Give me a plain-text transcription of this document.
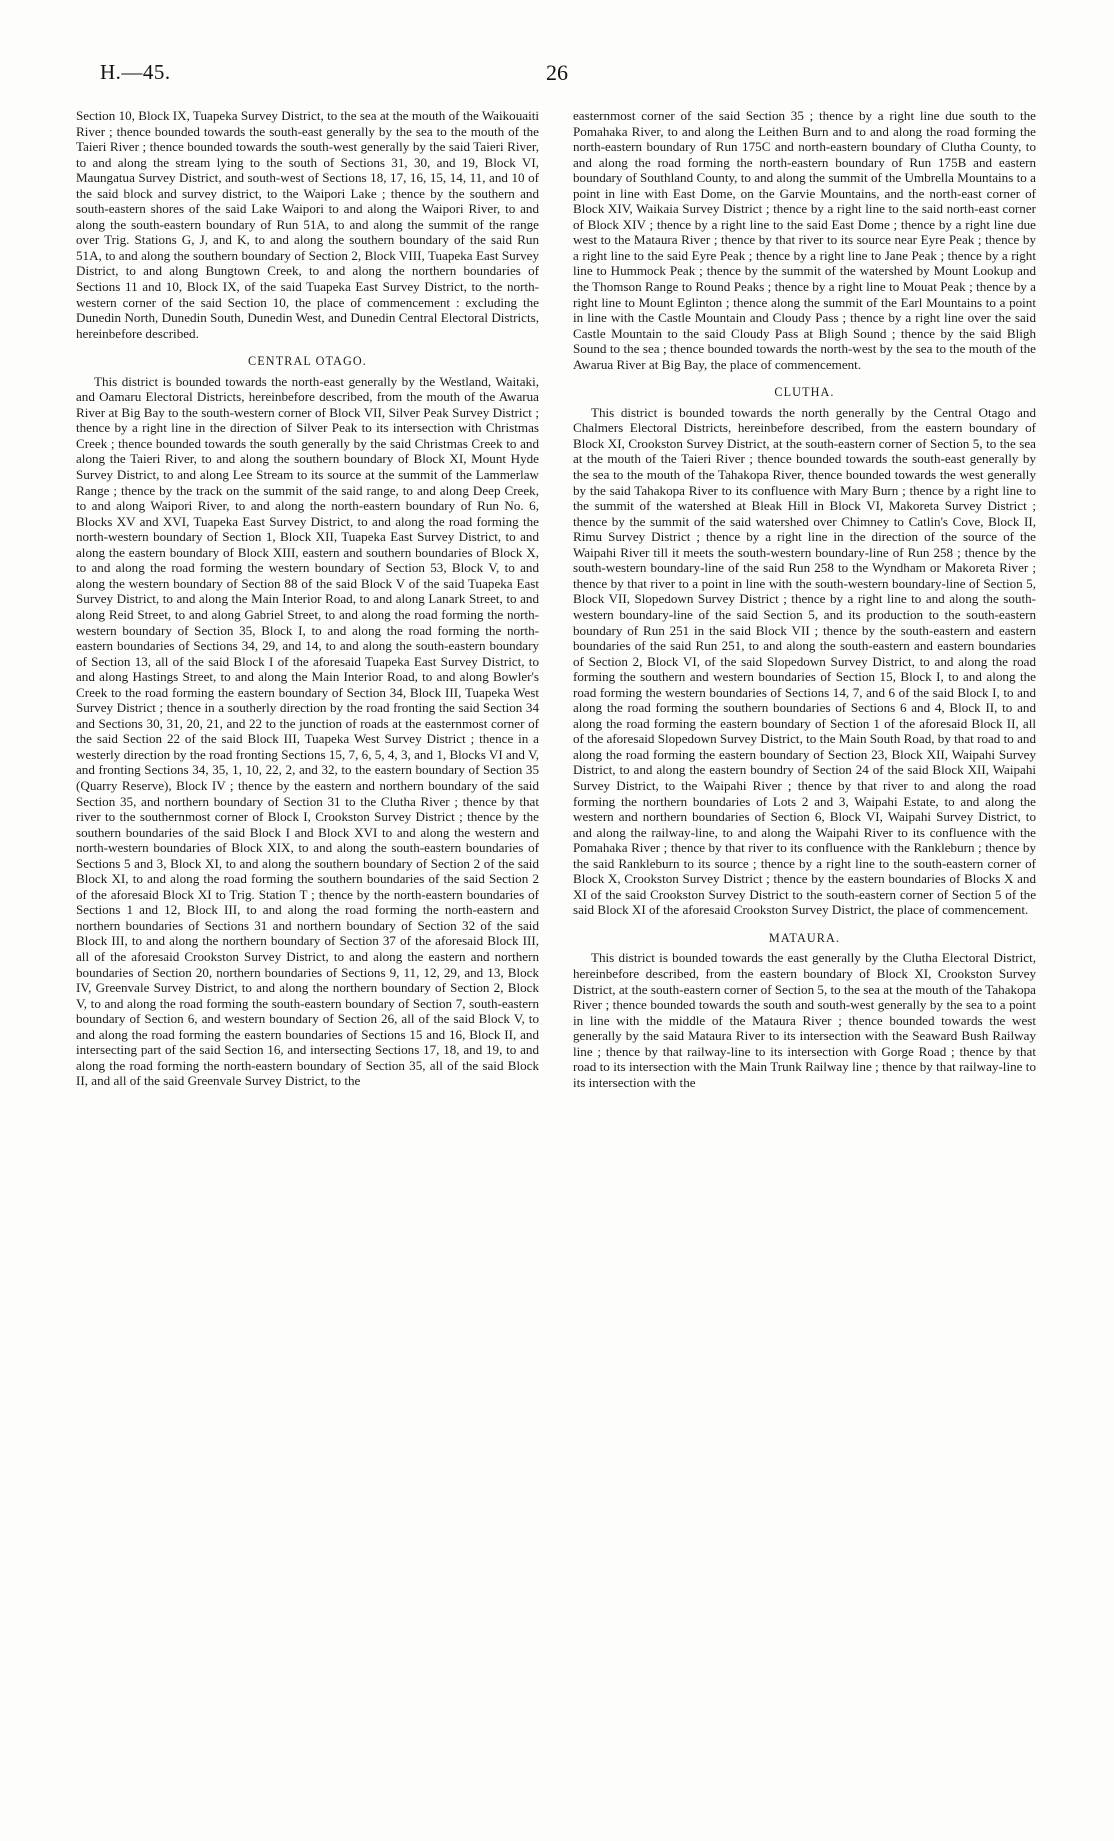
H.—45.	26

Section 10, Block IX, Tuapeka Survey District, to the sea at the mouth of the Waikouaiti River ; thence bounded towards the south-east generally by the sea to the mouth of the Taieri River ; thence bounded towards the south-west generally by the said Taieri River, to and along the stream lying to the south of Sections 31, 30, and 19, Block VI, Maungatua Survey District, and south-west of Sections 18, 17, 16, 15, 14, 11, and 10 of the said block and survey district, to the Waipori Lake ; thence by the southern and south-eastern shores of the said Lake Waipori to and along the Waipori River, to and along the south-eastern boundary of Run 51A, to and along the summit of the range over Trig. Stations G, J, and K, to and along the southern boundary of the said Run 51A, to and along the southern boundary of Section 2, Block VIII, Tuapeka East Survey District, to and along Bungtown Creek, to and along the northern boundaries of Sections 11 and 10, Block IX, of the said Tuapeka East Survey District, to the north-western corner of the said Section 10, the place of commencement : excluding the Dunedin North, Dunedin South, Dunedin West, and Dunedin Central Electoral Districts, hereinbefore described.

CENTRAL OTAGO.

This district is bounded towards the north-east generally by the Westland, Waitaki, and Oamaru Electoral Districts, hereinbefore described, from the mouth of the Awarua River at Big Bay to the south-western corner of Block VII, Silver Peak Survey District ; thence by a right line in the direction of Silver Peak to its intersection with Christmas Creek ; thence bounded towards the south generally by the said Christmas Creek to and along the Taieri River, to and along the southern boundary of Block XI, Mount Hyde Survey District, to and along Lee Stream to its source at the summit of the Lammerlaw Range ; thence by the track on the summit of the said range, to and along Deep Creek, to and along Waipori River, to and along the north-eastern boundary of Run No. 6, Blocks XV and XVI, Tuapeka East Survey District, to and along the road forming the north-western boundary of Section 1, Block XII, Tuapeka East Survey District, to and along the eastern boundary of Block XIII, eastern and southern boundaries of Block X, to and along the road forming the western boundary of Section 53, Block V, to and along the western boundary of Section 88 of the said Block V of the said Tuapeka East Survey District, to and along the Main Interior Road, to and along Lanark Street, to and along Reid Street, to and along Gabriel Street, to and along the road forming the north-western boundary of Section 35, Block I, to and along the road forming the north-eastern boundaries of Sections 34, 29, and 14, to and along the south-eastern boundary of Section 13, all of the said Block I of the aforesaid Tuapeka East Survey District, to and along Hastings Street, to and along the Main Interior Road, to and along Bowler's Creek to the road forming the eastern boundary of Section 34, Block III, Tuapeka West Survey District ; thence in a southerly direction by the road fronting the said Section 34 and Sections 30, 31, 20, 21, and 22 to the junction of roads at the easternmost corner of the said Section 22 of the said Block III, Tuapeka West Survey District ; thence in a westerly direction by the road fronting Sections 15, 7, 6, 5, 4, 3, and 1, Blocks VI and V, and fronting Sections 34, 35, 1, 10, 22, 2, and 32, to the eastern boundary of Section 35 (Quarry Reserve), Block IV ; thence by the eastern and northern boundary of the said Section 35, and northern boundary of Section 31 to the Clutha River ; thence by that river to the southernmost corner of Block I, Crookston Survey District ; thence by the southern boundaries of the said Block I and Block XVI to and along the western and north-western boundaries of Block XIX, to and along the south-eastern boundaries of Sections 5 and 3, Block XI, to and along the southern boundary of Section 2 of the said Block XI, to and along the road forming the southern boundaries of the said Section 2 of the aforesaid Block XI to Trig. Station T ; thence by the north-eastern boundaries of Sections 1 and 12, Block III, to and along the road forming the north-eastern and northern boundaries of Sections 31 and northern boundary of Section 32 of the said Block III, to and along the northern boundary of Section 37 of the aforesaid Block III, all of the aforesaid Crookston Survey District, to and along the eastern and northern boundaries of Section 20, northern boundaries of Sections 9, 11, 12, 29, and 13, Block IV, Greenvale Survey District, to and along the northern boundary of Section 2, Block V, to and along the road forming the south-eastern boundary of Section 7, south-eastern boundary of Section 6, and western boundary of Section 26, all of the said Block V, to and along the road forming the eastern boundaries of Sections 15 and 16, Block II, and intersecting part of the said Section 16, and intersecting Sections 17, 18, and 19, to and along the road forming the north-eastern boundary of Section 35, all of the said Block II, and all of the said Greenvale Survey District, to the

easternmost corner of the said Section 35 ; thence by a right line due south to the Pomahaka River, to and along the Leithen Burn and to and along the road forming the north-eastern boundary of Run 175C and north-eastern boundary of Clutha County, to and along the road forming the north-eastern boundary of Run 175B and eastern boundary of Southland County, to and along the summit of the Umbrella Mountains to a point in line with East Dome, on the Garvie Mountains, and the north-east corner of Block XIV, Waikaia Survey District ; thence by a right line to the said north-east corner of Block XIV ; thence by a right line to the said East Dome ; thence by a right line due west to the Mataura River ; thence by that river to its source near Eyre Peak ; thence by a right line to the said Eyre Peak ; thence by a right line to Jane Peak ; thence by a right line to Hummock Peak ; thence by the summit of the watershed by Mount Lookup and the Thomson Range to Round Peaks ; thence by a right line to Mouat Peak ; thence by a right line to Mount Eglinton ; thence along the summit of the Earl Mountains to a point in line with the Castle Mountain and Cloudy Pass ; thence by a right line over the said Castle Mountain to the said Cloudy Pass at Bligh Sound ; thence by the said Bligh Sound to the sea ; thence bounded towards the north-west by the sea to the mouth of the Awarua River at Big Bay, the place of commencement.

CLUTHA.

This district is bounded towards the north generally by the Central Otago and Chalmers Electoral Districts, hereinbefore described, from the eastern boundary of Block XI, Crookston Survey District, at the south-eastern corner of Section 5, to the sea at the mouth of the Taieri River ; thence bounded towards the south-east generally by the sea to the mouth of the Tahakopa River, thence bounded towards the west generally by the said Tahakopa River to its confluence with Mary Burn ; thence by a right line to the summit of the watershed at Bleak Hill in Block VI, Makoreta Survey District ; thence by the summit of the said watershed over Chimney to Catlin's Cove, Block II, Rimu Survey District ; thence by a right line in the direction of the source of the Waipahi River till it meets the south-western boundary-line of Run 258 ; thence by the south-western boundary-line of the said Run 258 to the Wyndham or Makoreta River ; thence by that river to a point in line with the south-western boundary-line of Section 5, Block VII, Slopedown Survey District ; thence by a right line to and along the south-western boundary-line of the said Section 5, and its production to the south-eastern boundary of Run 251 in the said Block VII ; thence by the south-eastern and eastern boundaries of the said Run 251, to and along the south-eastern and eastern boundaries of Section 2, Block VI, of the said Slopedown Survey District, to and along the road forming the southern and western boundaries of Section 15, Block I, to and along the road forming the western boundaries of Sections 14, 7, and 6 of the said Block I, to and along the road forming the southern boundaries of Sections 6 and 4, Block II, to and along the road forming the eastern boundary of Section 1 of the aforesaid Block II, all of the aforesaid Slopedown Survey District, to the Main South Road, by that road to and along the road forming the eastern boundary of Section 23, Block XII, Waipahi Survey District, to and along the eastern boundry of Section 24 of the said Block XII, Waipahi Survey District, to the Waipahi River ; thence by that river to and along the road forming the northern boundaries of Lots 2 and 3, Waipahi Estate, to and along the western and northern boundaries of Section 6, Block VI, Waipahi Survey District, to and along the railway-line, to and along the Waipahi River to its confluence with the Pomahaka River ; thence by that river to its confluence with the Rankleburn ; thence by the said Rankleburn to its source ; thence by a right line to the south-eastern corner of Block X, Crookston Survey District ; thence by the eastern boundaries of Blocks X and XI of the said Crookston Survey District to the south-eastern corner of Section 5 of the said Block XI of the aforesaid Crookston Survey District, the place of commencement.

MATAURA.

This district is bounded towards the east generally by the Clutha Electoral District, hereinbefore described, from the eastern boundary of Block XI, Crookston Survey District, at the south-eastern corner of Section 5, to the sea at the mouth of the Tahakopa River ; thence bounded towards the south and south-west generally by the sea to a point in line with the middle of the Mataura River ; thence bounded towards the west generally by the said Mataura River to its intersection with the Seaward Bush Railway line ; thence by that railway-line to its intersection with Gorge Road ; thence by that road to its intersection with the Main Trunk Railway line ; thence by that railway-line to its intersection with the
